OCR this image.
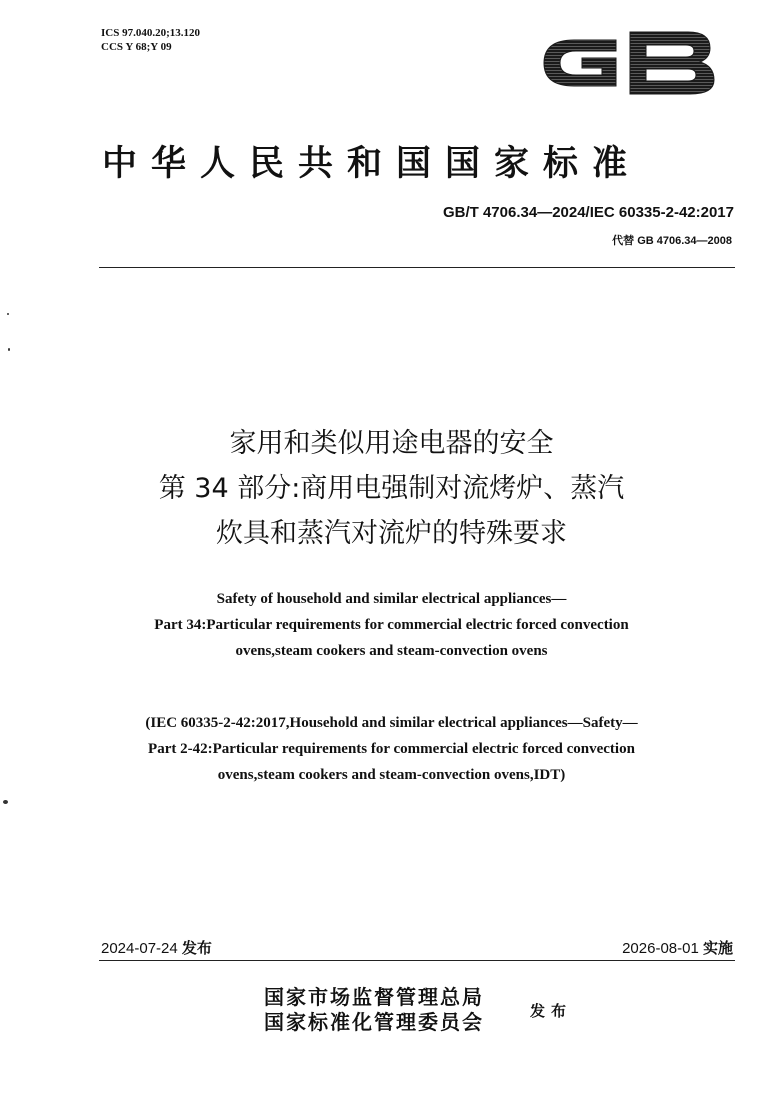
ICS 97.040.20;13.120
CCS Y 68;Y 09
中华人民共和国国家标准
GB/T 4706.34—2024/IEC 60335-2-42:2017
代替 GB 4706.34—2008
家用和类似用途电器的安全
第 34 部分:商用电强制对流烤炉、蒸汽
炊具和蒸汽对流炉的特殊要求
Safety of household and similar electrical appliances—
Part 34:Particular requirements for commercial electric forced convection
ovens,steam cookers and steam-convection ovens
(IEC 60335-2-42:2017,Household and similar electrical appliances—Safety—
Part 2-42:Particular requirements for commercial electric forced convection
ovens,steam cookers and steam-convection ovens,IDT)
2024-07-24 发布	2026-08-01 实施
国家市场监督管理总局
国家标准化管理委员会	发布
